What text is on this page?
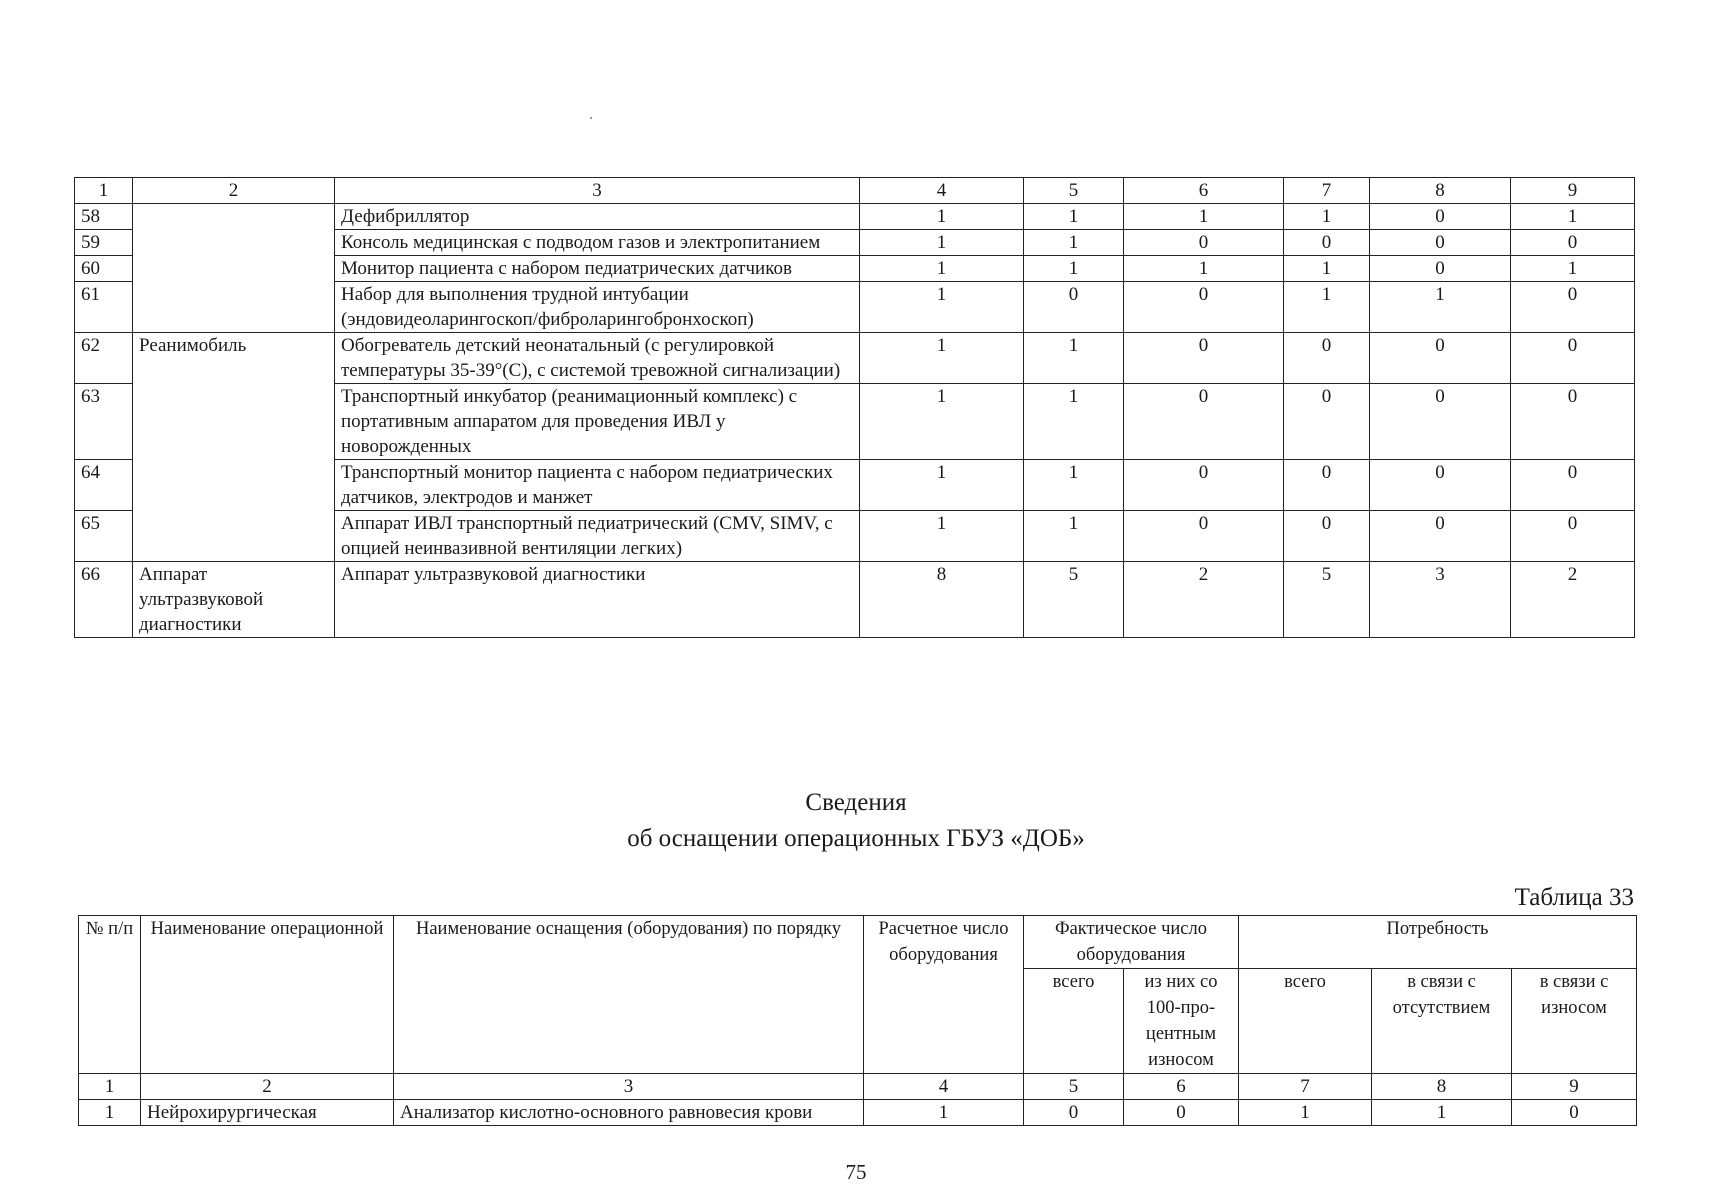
1	2	3	4	5	6	7	8	9
58		Дефибриллятор	1	1	1	1	0	1
59		Консоль медицинская с подводом газов и электропитанием	1	1	0	0	0	0
60		Монитор пациента с набором педиатрических датчиков	1	1	1	1	0	1
61		Набор для выполнения трудной интубации (эндовидеоларингоскоп/фиброларингобронхоскоп)	1	0	0	1	1	0
62	Реанимобиль	Обогреватель детский неонатальный (с регулировкой температуры 35-39°(С), с системой тревожной сигнализации)	1	1	0	0	0	0
63		Транспортный инкубатор (реанимационный комплекс) с портативным аппаратом для проведения ИВЛ у новорожденных	1	1	0	0	0	0
64		Транспортный монитор пациента с набором педиатрических датчиков, электродов и манжет	1	1	0	0	0	0
65		Аппарат ИВЛ транспортный педиатрический (CMV, SIMV, с опцией неинвазивной вентиляции легких)	1	1	0	0	0	0
66	Аппарат ультразвуковой диагностики	Аппарат ультразвуковой диагностики	8	5	2	5	3	2
Сведения
об оснащении операционных ГБУЗ «ДОБ»
Таблица 33
№ п/п	Наименование операционной	Наименование оснащения (оборудования) по порядку	Расчетное число оборудования	Фактическое число оборудования		Потребность		
				всего	из них со 100-про- центным износом	всего	в связи с отсутствием	в связи с износом
1	2	3	4	5	6	7	8	9
1	Нейрохирургическая	Анализатор кислотно-основного равновесия крови	1	0	0	1	1	0
75
